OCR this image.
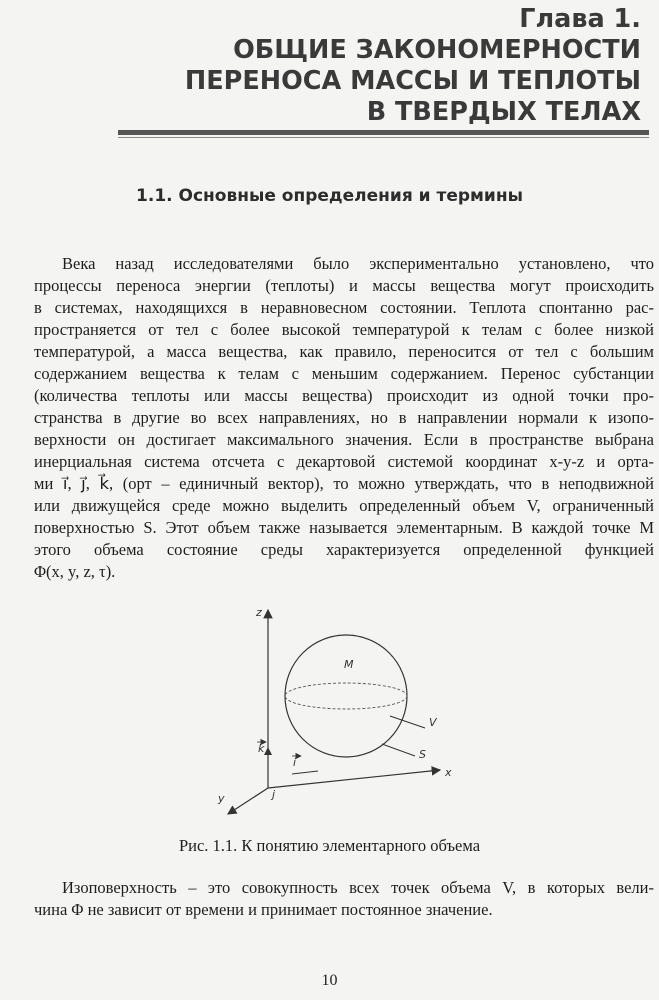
Глава 1.
ОБЩИЕ ЗАКОНОМЕРНОСТИ
ПЕРЕНОСА МАССЫ И ТЕПЛОТЫ
В ТВЕРДЫХ ТЕЛАХ
1.1. Основные определения и термины
Века назад исследователями было экспериментально установлено, что
процессы переноса энергии (теплоты) и массы вещества могут происходить
в системах, находящихся в неравновесном состоянии. Теплота спонтанно рас-
пространяется от тел с более высокой температурой к телам с более низкой
температурой, а масса вещества, как правило, переносится от тел с большим
содержанием вещества к телам с меньшим содержанием. Перенос субстанции
(количества теплоты или массы вещества) происходит из одной точки про-
странства в другие во всех направлениях, но в направлении нормали к изопо-
верхности он достигает максимального значения. Если в пространстве выбрана
инерциальная система отсчета с декартовой системой координат x-y-z и орта-
ми i⃗, j⃗, k⃗, (орт – единичный вектор), то можно утверждать, что в неподвижной
или движущейся среде можно выделить определенный объем V, ограниченный
поверхностью S. Этот объем также называется элементарным. В каждой точке M
этого объема состояние среды характеризуется определенной функцией
Φ(x, y, z, τ).
z
x
y
M
V
S
i
k
j
Рис. 1.1. К понятию элементарного объема
Изоповерхность – это совокупность всех точек объема V, в которых вели-
чина Φ не зависит от времени и принимает постоянное значение.
10
